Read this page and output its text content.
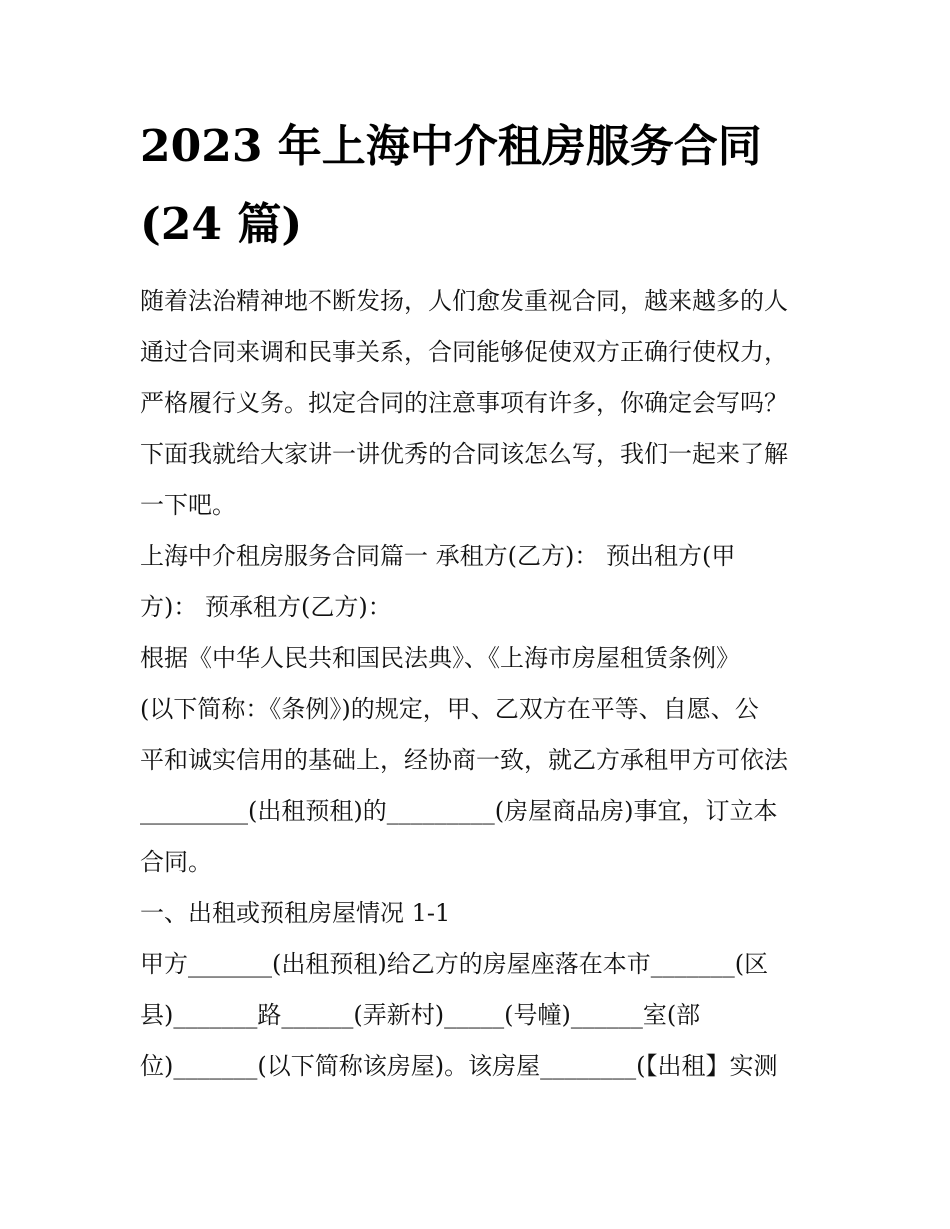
2023 年上海中介租房服务合同
(24 篇)
随着法治精神地不断发扬，人们愈发重视合同，越来越多的人
通过合同来调和民事关系，合同能够促使双方正确行使权力，
严格履行义务。拟定合同的注意事项有许多，你确定会写吗？
下面我就给大家讲一讲优秀的合同该怎么写，我们一起来了解
一下吧。
上海中介租房服务合同篇一 承租方(乙方)： 预出租方(甲
方)： 预承租方(乙方)：
根据《中华人民共和国民法典》、《上海市房屋租赁条例》
(以下简称：《条例》)的规定，甲、乙双方在平等、自愿、公
平和诚实信用的基础上，经协商一致，就乙方承租甲方可依法
_________(出租预租)的_________(房屋商品房)事宜，订立本
合同。
一、出租或预租房屋情况 1-1
甲方_______(出租预租)给乙方的房屋座落在本市_______(区
县)_______路______(弄新村)_____(号幢)______室(部
位)_______(以下简称该房屋)。该房屋________(【出租】实测
